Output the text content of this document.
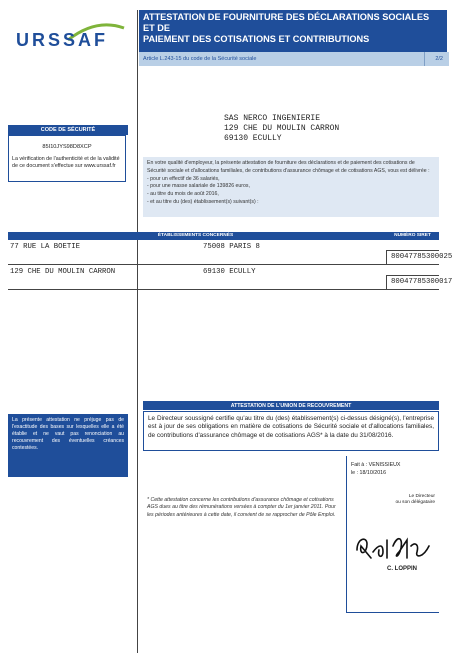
URSSAF
ATTESTATION DE FOURNITURE DES DÉCLARATIONS SOCIALES ET DE
PAIEMENT DES COTISATIONS ET CONTRIBUTIONS
Article L.243-15 du code de la Sécurité sociale	2/2
SAS NERCO INGENIERIE
129 CHE DU MOULIN CARRON
69130 ECULLY
CODE DE SÉCURITÉ
85I10JYS98D8XCP
La vérification de l'authenticité et de la validité de ce document s'effectue sur www.urssaf.fr	En votre qualité d'employeur, la présente attestation de fourniture des déclarations et de paiement des cotisations de Sécurité sociale et d'allocations familiales, de contributions d'assurance chômage et de cotisations AGS, vous est délivrée :

- pour un effectif de 36 salariés,

- pour une masse salariale de 139826 euros,

- au titre du mois de août 2016,

- et au titre du (des) établissement(s) suivant(s) :

ÉTABLISSEMENTS CONCERNÉS	NUMÉRO SIRET
77 RUE LA BOETIE	75008 PARIS 8
80047785300025
129 CHE DU MOULIN CARRON	69130 ECULLY
80047785300017
ATTESTATION DE L'UNION DE RECOUVREMENT
Le Directeur soussigné certifie qu'au titre du (des) établissement(s) ci-dessus désigné(s), l'entreprise est à jour de ses obligations en matière de cotisations de Sécurité sociale et d'allocations familiales, de contributions d'assurance chômage et de cotisations AGS* à la date du 31/08/2016.
La présente attestation ne préjuge pas de l'exactitude des bases sur lesquelles elle a été établie et ne vaut pas renonciation au recouvrement des éventuelles créances contestées.
* Cette attestation concerne les contributions d'assurance chômage et cotisations AGS dues au titre des rémunérations versées à compter du 1er janvier 2011. Pour les périodes antérieures à cette date, il convient de se rapprocher de Pôle Emploi.
Fait à : VENISSIEUX
le : 18/10/2016
Le Directeur
ou son délégataire
C. LOPPIN
